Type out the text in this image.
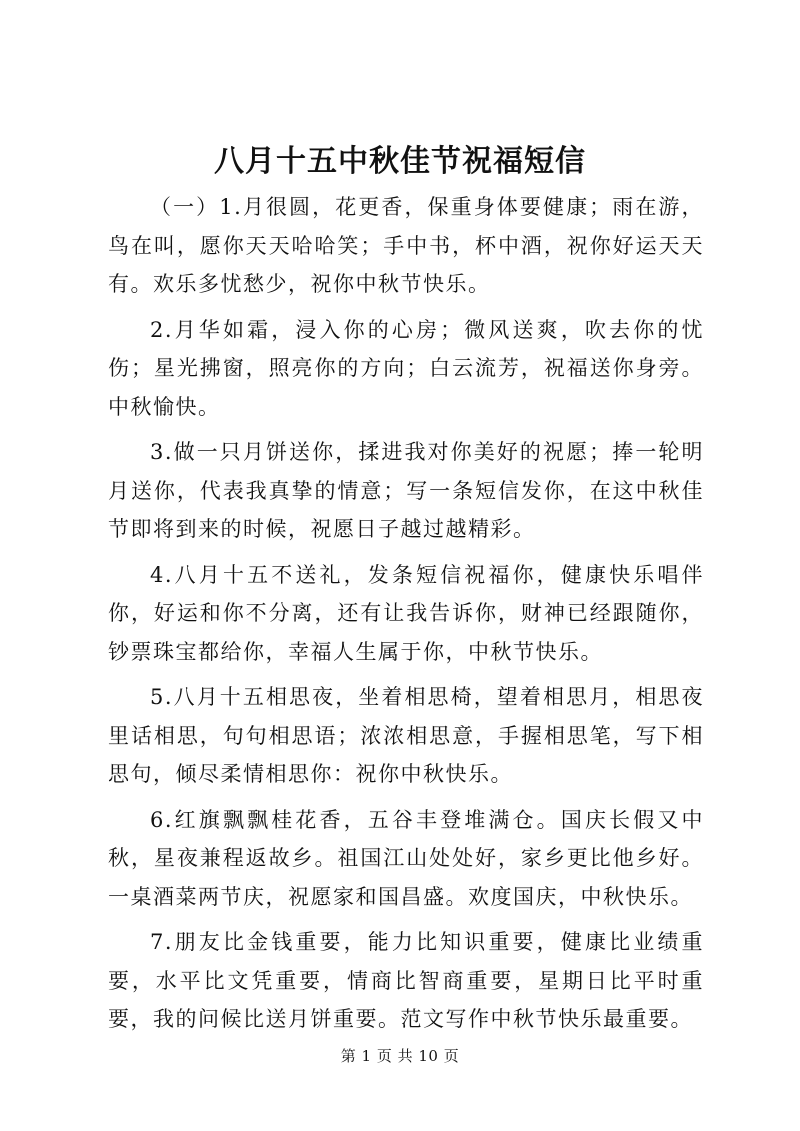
八月十五中秋佳节祝福短信

（一）1.月很圆，花更香，保重身体要健康；雨在游，鸟在叫，愿你天天哈哈笑；手中书，杯中酒，祝你好运天天有。欢乐多忧愁少，祝你中秋节快乐。

2.月华如霜，浸入你的心房；微风送爽，吹去你的忧伤；星光拂窗，照亮你的方向；白云流芳，祝福送你身旁。中秋愉快。

3.做一只月饼送你，揉进我对你美好的祝愿；捧一轮明月送你，代表我真挚的情意；写一条短信发你，在这中秋佳节即将到来的时候，祝愿日子越过越精彩。

4.八月十五不送礼，发条短信祝福你，健康快乐唱伴你，好运和你不分离，还有让我告诉你，财神已经跟随你，钞票珠宝都给你，幸福人生属于你，中秋节快乐。

5.八月十五相思夜，坐着相思椅，望着相思月，相思夜里话相思，句句相思语；浓浓相思意，手握相思笔，写下相思句，倾尽柔情相思你：祝你中秋快乐。

6.红旗飘飘桂花香，五谷丰登堆满仓。国庆长假又中秋，星夜兼程返故乡。祖国江山处处好，家乡更比他乡好。一桌酒菜两节庆，祝愿家和国昌盛。欢度国庆，中秋快乐。

7.朋友比金钱重要，能力比知识重要，健康比业绩重要，水平比文凭重要，情商比智商重要，星期日比平时重要，我的问候比送月饼重要。范文写作中秋节快乐最重要。

第 1 页 共 10 页
